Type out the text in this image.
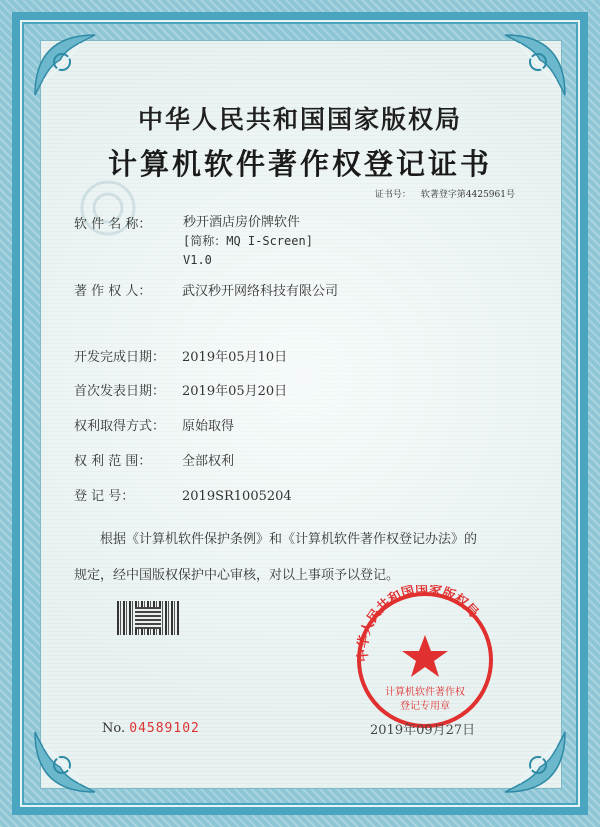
中华人民共和国国家版权局
计算机软件著作权登记证书
证书号： 软著登字第4425961号
软 件 名 称：	秒开酒店房价牌软件
[简称：MQ I-Screen]
V1.0
著 作 权 人： 武汉秒开网络科技有限公司
开发完成日期： 2019年05月10日
首次发表日期： 2019年05月20日
权利取得方式： 原始取得
权 利 范 围： 全部权利
登 记 号：	2019SR1005204
根据《计算机软件保护条例》和《计算机软件著作权登记办法》的
规定，经中国版权保护中心审核，对以上事项予以登记。
中华人民共和国国家版权局
计算机软件著作权
登记专用章
No. 04589102	2019年09月27日
